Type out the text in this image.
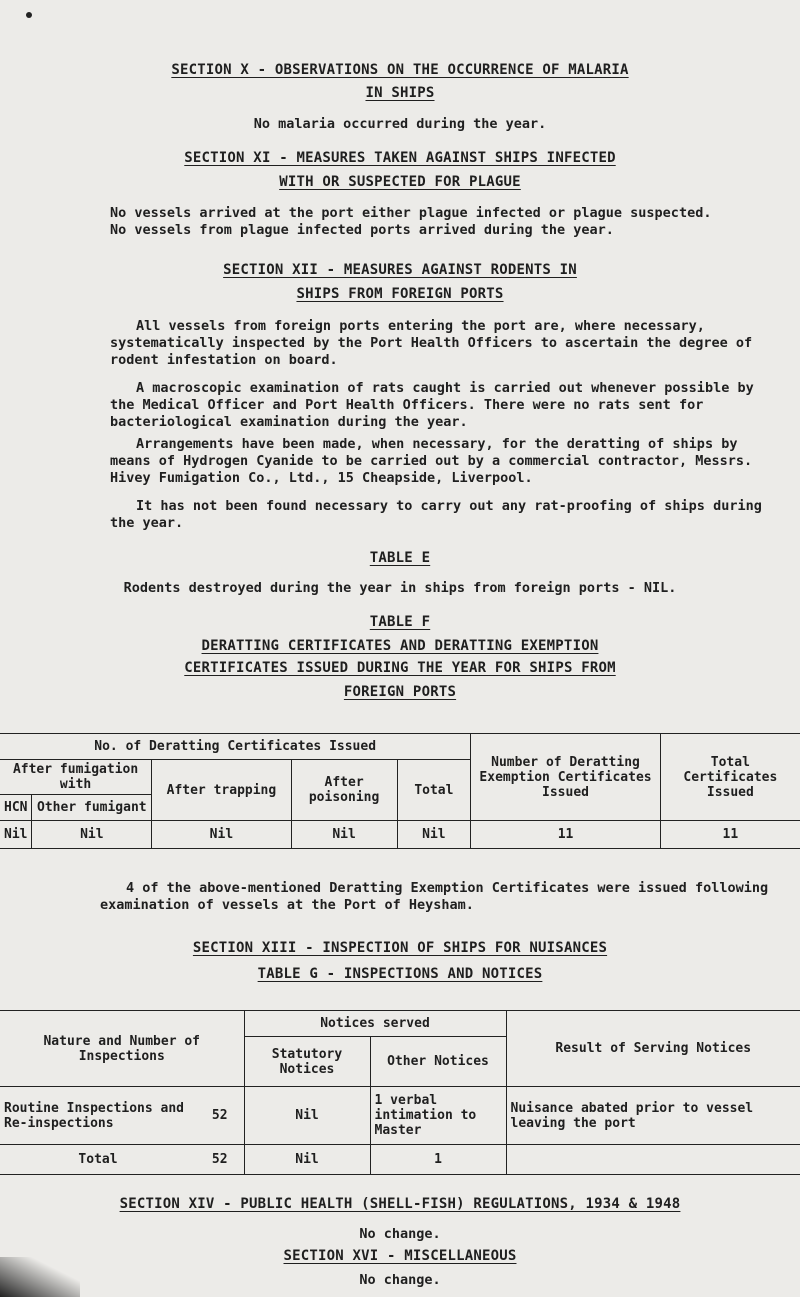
SECTION X - OBSERVATIONS ON THE OCCURRENCE OF MALARIA
IN SHIPS
No malaria occurred during the year.
SECTION XI - MEASURES TAKEN AGAINST SHIPS INFECTED
WITH OR SUSPECTED FOR PLAGUE
No vessels arrived at the port either plague infected or plague suspected.
No vessels from plague infected ports arrived during the year.
SECTION XII - MEASURES AGAINST RODENTS IN
SHIPS FROM FOREIGN PORTS
All vessels from foreign ports entering the port are, where necessary, systematically inspected by the Port Health Officers to ascertain the degree of rodent infestation on board.
A macroscopic examination of rats caught is carried out whenever possible by the Medical Officer and Port Health Officers. There were no rats sent for bacteriological examination during the year.
Arrangements have been made, when necessary, for the deratting of ships by means of Hydrogen Cyanide to be carried out by a commercial contractor, Messrs. Hivey Fumigation Co., Ltd., 15 Cheapside, Liverpool.
It has not been found necessary to carry out any rat-proofing of ships during the year.
TABLE E
Rodents destroyed during the year in ships from foreign ports - NIL.
TABLE F
DERATTING CERTIFICATES AND DERATTING EXEMPTION
CERTIFICATES ISSUED DURING THE YEAR FOR SHIPS FROM
FOREIGN PORTS
No. of Deratting Certificates Issued					Number of Deratting Exemption Certificates Issued	Total Certificates Issued
After fumigation with		After trapping	After poisoning	Total		
HCN	Other fumigant					
Nil	Nil	Nil	Nil	Nil	11	11
4 of the above-mentioned Deratting Exemption Certificates were issued following examination of vessels at the Port of Heysham.
SECTION XIII - INSPECTION OF SHIPS FOR NUISANCES
TABLE G - INSPECTIONS AND NOTICES
Nature and Number of Inspections		Notices served		Result of Serving Notices
		Statutory Notices	Other Notices	
Routine Inspections and Re-inspections	52	Nil	1 verbal intimation to Master	Nuisance abated prior to vessel leaving the port
Total	52	Nil	1	
SECTION XIV - PUBLIC HEALTH (SHELL-FISH) REGULATIONS, 1934 & 1948
No change.
SECTION XVI - MISCELLANEOUS
No change.
